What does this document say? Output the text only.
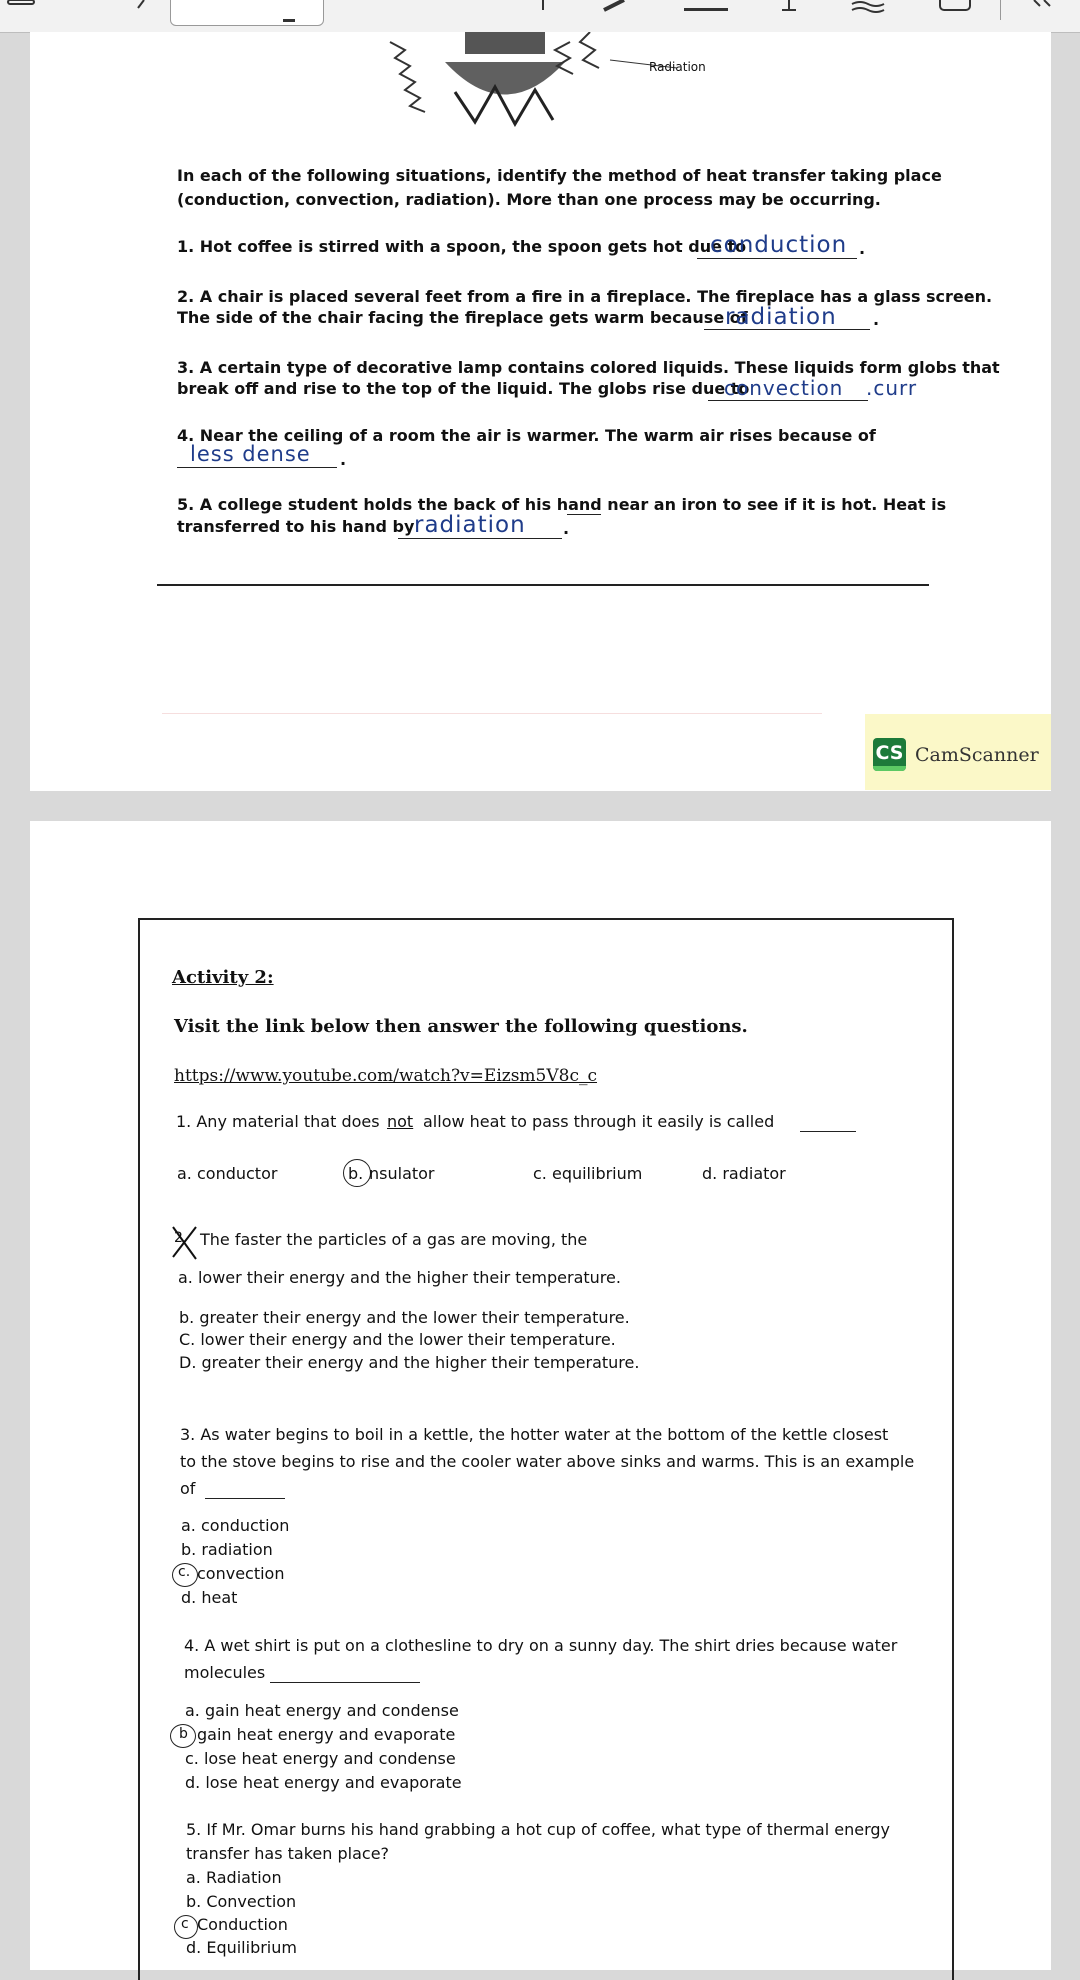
Radiation
In each of the following situations, identify the method of heat transfer taking place
(conduction, convection, radiation). More than one process may be occurring.
1. Hot coffee is stirred with a spoon, the spoon gets hot due to
conduction .
2. A chair is placed several feet from a fire in a fireplace. The fireplace has a glass screen.
The side of the chair facing the fireplace gets warm because of
radiation .
3. A certain type of decorative lamp contains colored liquids. These liquids form globs that
break off and rise to the top of the liquid. The globs rise due to
convection .curr
4. Near the ceiling of a room the air is warmer. The warm air rises because of
less dense .
5. A college student holds the back of his hand near an iron to see if it is hot. Heat is
transferred to his hand by radiation .
CS CamScanner
Activity 2:
Visit the link below then answer the following questions.
https://www.youtube.com/watch?v=Eizsm5V8c_c
1. Any material that does not allow heat to pass through it easily is called
a. conductor	b. nsulator	c. equilibrium	d. radiator
2. The faster the particles of a gas are moving, the
a. lower their energy and the higher their temperature.
b. greater their energy and the lower their temperature.
C. lower their energy and the lower their temperature.
D. greater their energy and the higher their temperature.
3. As water begins to boil in a kettle, the hotter water at the bottom of the kettle closest
to the stove begins to rise and the cooler water above sinks and warms. This is an example
of
a. conduction
b. radiation
c. convection
d. heat
4. A wet shirt is put on a clothesline to dry on a sunny day. The shirt dries because water
molecules
a. gain heat energy and condense
b gain heat energy and evaporate
c. lose heat energy and condense
d. lose heat energy and evaporate
5. If Mr. Omar burns his hand grabbing a hot cup of coffee, what type of thermal energy
transfer has taken place?
a. Radiation
b. Convection
c Conduction
d. Equilibrium
